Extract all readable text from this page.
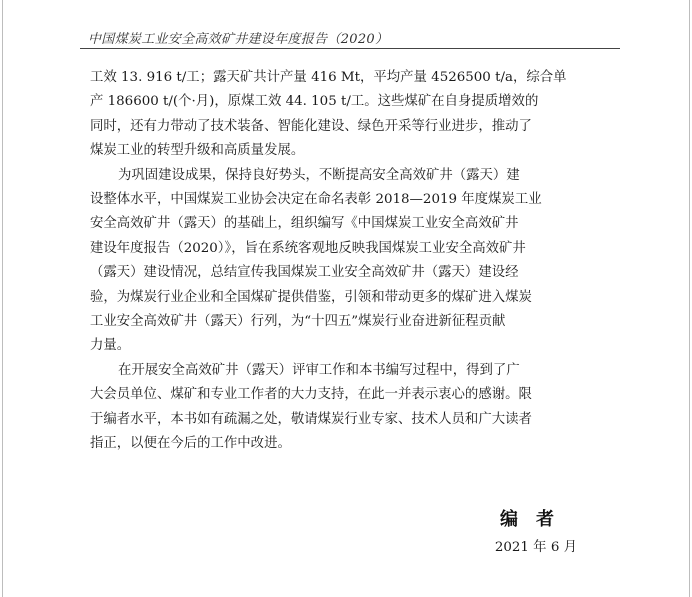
中国煤炭工业安全高效矿井建设年度报告（2020）

工效 13. 916 t/工；露天矿共计产量 416 Mt，平均产量 4526500 t/a，综合单
产 186600 t/(个·月)，原煤工效 44. 105 t/工。这些煤矿在自身提质增效的
同时，还有力带动了技术装备、智能化建设、绿色开采等行业进步，推动了
煤炭工业的转型升级和高质量发展。

为巩固建设成果，保持良好势头，不断提高安全高效矿井（露天）建
设整体水平，中国煤炭工业协会决定在命名表彰 2018—2019 年度煤炭工业
安全高效矿井（露天）的基础上，组织编写《中国煤炭工业安全高效矿井
建设年度报告（2020）》，旨在系统客观地反映我国煤炭工业安全高效矿井
（露天）建设情况，总结宣传我国煤炭工业安全高效矿井（露天）建设经
验，为煤炭行业企业和全国煤矿提供借鉴，引领和带动更多的煤矿进入煤炭
工业安全高效矿井（露天）行列，为“十四五”煤炭行业奋进新征程贡献
力量。

在开展安全高效矿井（露天）评审工作和本书编写过程中，得到了广
大会员单位、煤矿和专业工作者的大力支持，在此一并表示衷心的感谢。限
于编者水平，本书如有疏漏之处，敬请煤炭行业专家、技术人员和广大读者
指正，以便在今后的工作中改进。

编者
2021 年 6 月
